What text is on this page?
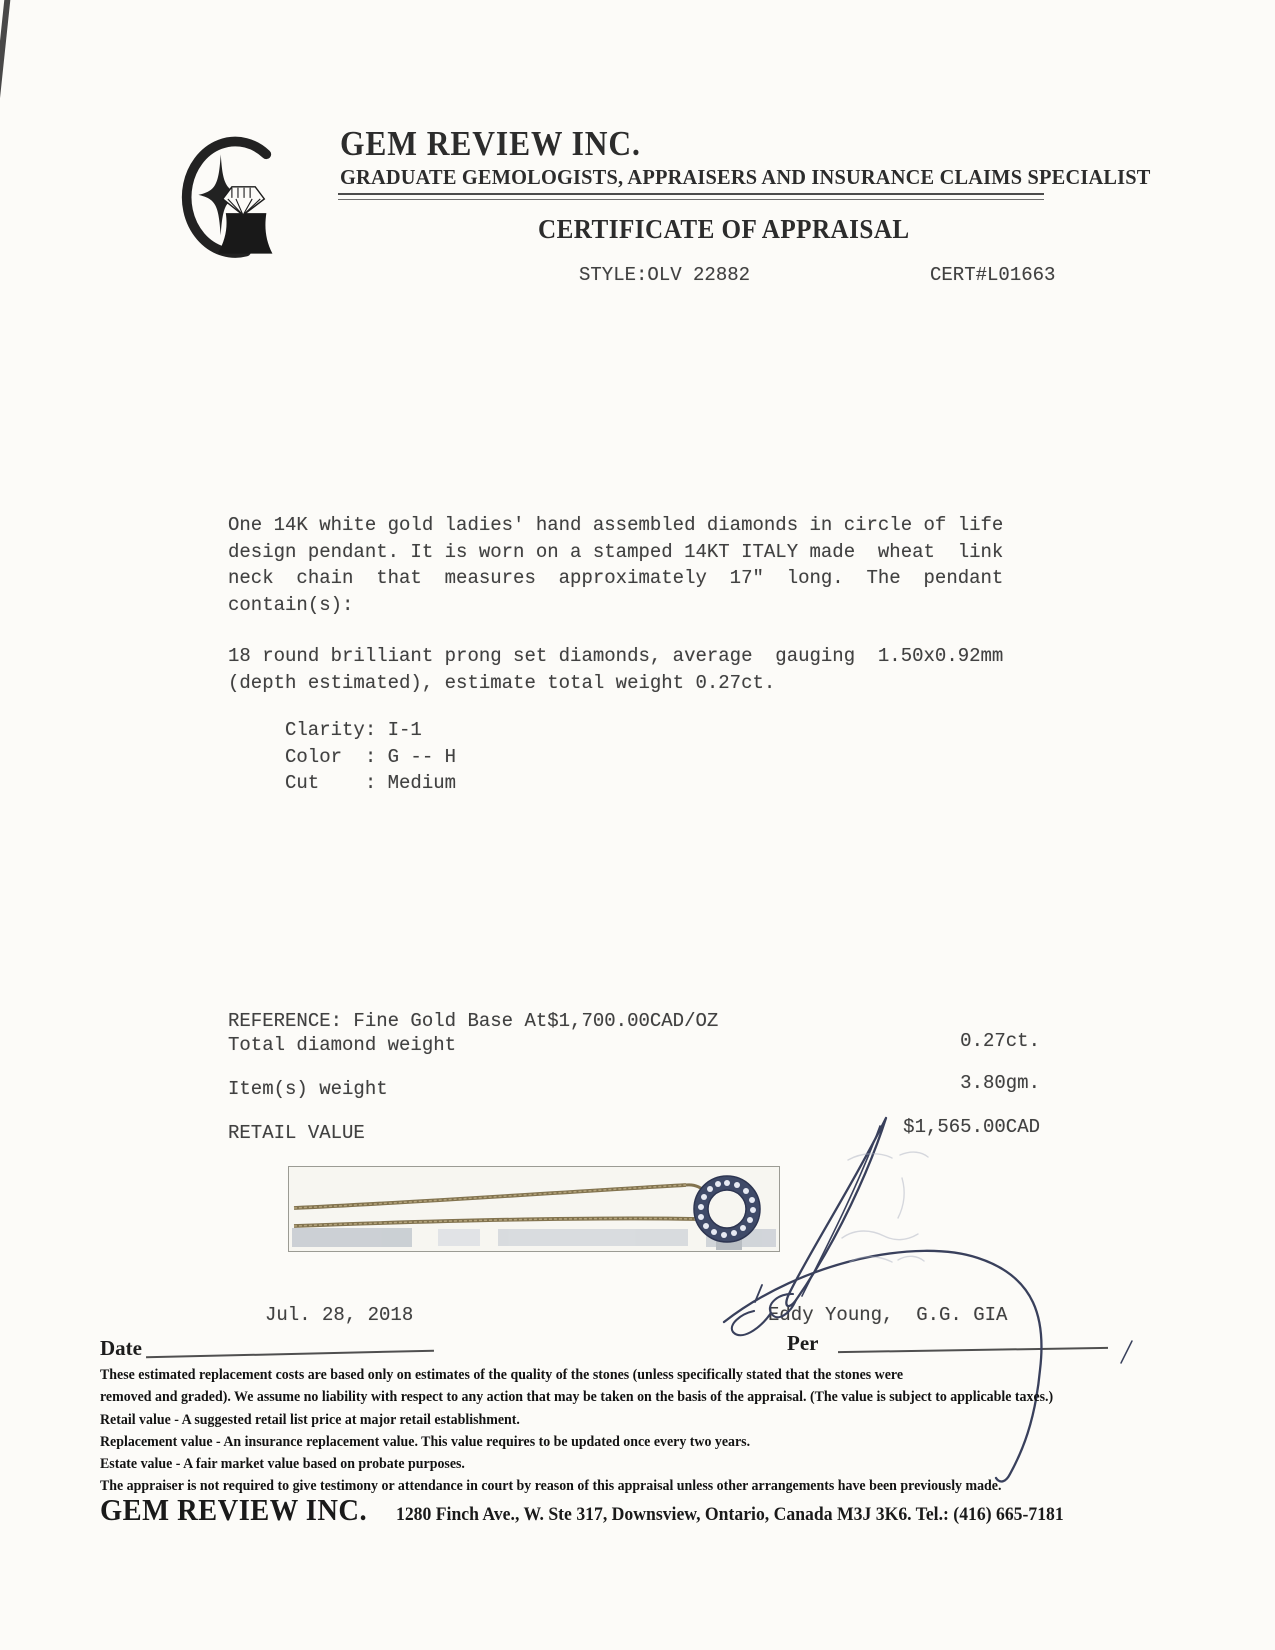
GEM REVIEW INC.
GRADUATE GEMOLOGISTS, APPRAISERS AND INSURANCE CLAIMS SPECIALIST
CERTIFICATE OF APPRAISAL
STYLE:OLV 22882	CERT#L01663
One 14K white gold ladies' hand assembled diamonds in circle of life
design pendant. It is worn on a stamped 14KT ITALY made  wheat  link
neck  chain  that  measures  approximately  17"  long.  The  pendant
contain(s):
18 round brilliant prong set diamonds, average  gauging  1.50x0.92mm
(depth estimated), estimate total weight 0.27ct.
Clarity: I-1
Color  : G -- H
Cut    : Medium
REFERENCE: Fine Gold Base At$1,700.00CAD/OZ
Total diamond weight	0.27ct.
Item(s) weight	3.80gm.
RETAIL VALUE	$1,565.00CAD
Jul. 28, 2018	Eddy Young,  G.G. GIA
Date	Per
These estimated replacement costs are based only on estimates of the quality of the stones (unless specifically stated that the stones were
removed and graded). We assume no liability with respect to any action that may be taken on the basis of the appraisal. (The value is subject to applicable taxes.)
Retail value - A suggested retail list price at major retail establishment.
Replacement value - An insurance replacement value. This value requires to be updated once every two years.
Estate value - A fair market value based on probate purposes.
The appraiser is not required to give testimony or attendance in court by reason of this appraisal unless other arrangements have been previously made.
GEM REVIEW INC. 1280 Finch Ave., W. Ste 317, Downsview, Ontario, Canada M3J 3K6. Tel.: (416) 665-7181
